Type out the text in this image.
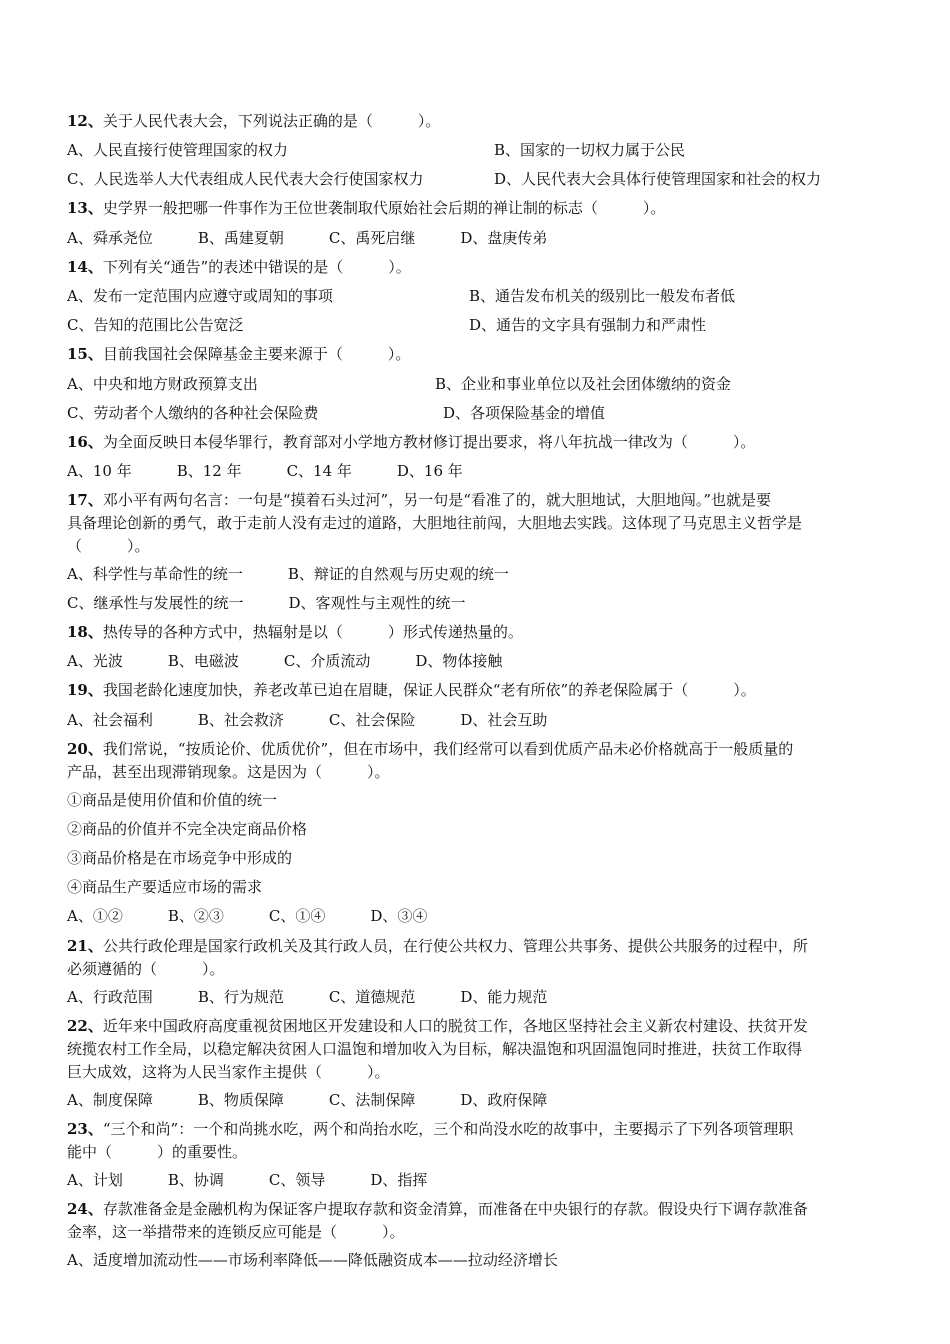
12、关于人民代表大会，下列说法正确的是（　　　）。
A、人民直接行使管理国家的权力	B、国家的一切权力属于公民
C、人民选举人大代表组成人民代表大会行使国家权力	D、人民代表大会具体行使管理国家和社会的权力
13、史学界一般把哪一件事作为王位世袭制取代原始社会后期的禅让制的标志（　　　）。
A、舜承尧位　　　B、禹建夏朝　　　C、禹死启继　　　D、盘庚传弟
14、下列有关“通告”的表述中错误的是（　　　）。
A、发布一定范围内应遵守或周知的事项	B、通告发布机关的级别比一般发布者低
C、告知的范围比公告宽泛	D、通告的文字具有强制力和严肃性
15、目前我国社会保障基金主要来源于（　　　）。
A、中央和地方财政预算支出	B、企业和事业单位以及社会团体缴纳的资金
C、劳动者个人缴纳的各种社会保险费	D、各项保险基金的增值
16、为全面反映日本侵华罪行，教育部对小学地方教材修订提出要求，将八年抗战一律改为（　　　）。
A、10 年　　　B、12 年　　　C、14 年　　　D、16 年
17、邓小平有两句名言：一句是“摸着石头过河”，另一句是“看准了的，就大胆地试，大胆地闯。”也就是要
具备理论创新的勇气，敢于走前人没有走过的道路，大胆地往前闯，大胆地去实践。这体现了马克思主义哲学是
（　　　）。
A、科学性与革命性的统一　　　B、辩证的自然观与历史观的统一
C、继承性与发展性的统一　　　D、客观性与主观性的统一
18、热传导的各种方式中，热辐射是以（　　　）形式传递热量的。
A、光波　　　B、电磁波　　　C、介质流动　　　D、物体接触
19、我国老龄化速度加快，养老改革已迫在眉睫，保证人民群众“老有所依”的养老保险属于（　　　）。
A、社会福利　　　B、社会救济　　　C、社会保险　　　D、社会互助
20、我们常说，“按质论价、优质优价”，但在市场中，我们经常可以看到优质产品未必价格就高于一般质量的
产品，甚至出现滞销现象。这是因为（　　　）。
①商品是使用价值和价值的统一
②商品的价值并不完全决定商品价格
③商品价格是在市场竞争中形成的
④商品生产要适应市场的需求
A、①②　　　B、②③　　　C、①④　　　D、③④
21、公共行政伦理是国家行政机关及其行政人员，在行使公共权力、管理公共事务、提供公共服务的过程中，所
必须遵循的（　　　）。
A、行政范围　　　B、行为规范　　　C、道德规范　　　D、能力规范
22、近年来中国政府高度重视贫困地区开发建设和人口的脱贫工作，各地区坚持社会主义新农村建设、扶贫开发
统揽农村工作全局，以稳定解决贫困人口温饱和增加收入为目标，解决温饱和巩固温饱同时推进，扶贫工作取得
巨大成效，这将为人民当家作主提供（　　　）。
A、制度保障　　　B、物质保障　　　C、法制保障　　　D、政府保障
23、“三个和尚”：一个和尚挑水吃，两个和尚抬水吃，三个和尚没水吃的故事中，主要揭示了下列各项管理职
能中（　　　）的重要性。
A、计划　　　B、协调　　　C、领导　　　D、指挥
24、存款准备金是金融机构为保证客户提取存款和资金清算，而准备在中央银行的存款。假设央行下调存款准备
金率，这一举措带来的连锁反应可能是（　　　）。
A、适度增加流动性——市场利率降低——降低融资成本——拉动经济增长
